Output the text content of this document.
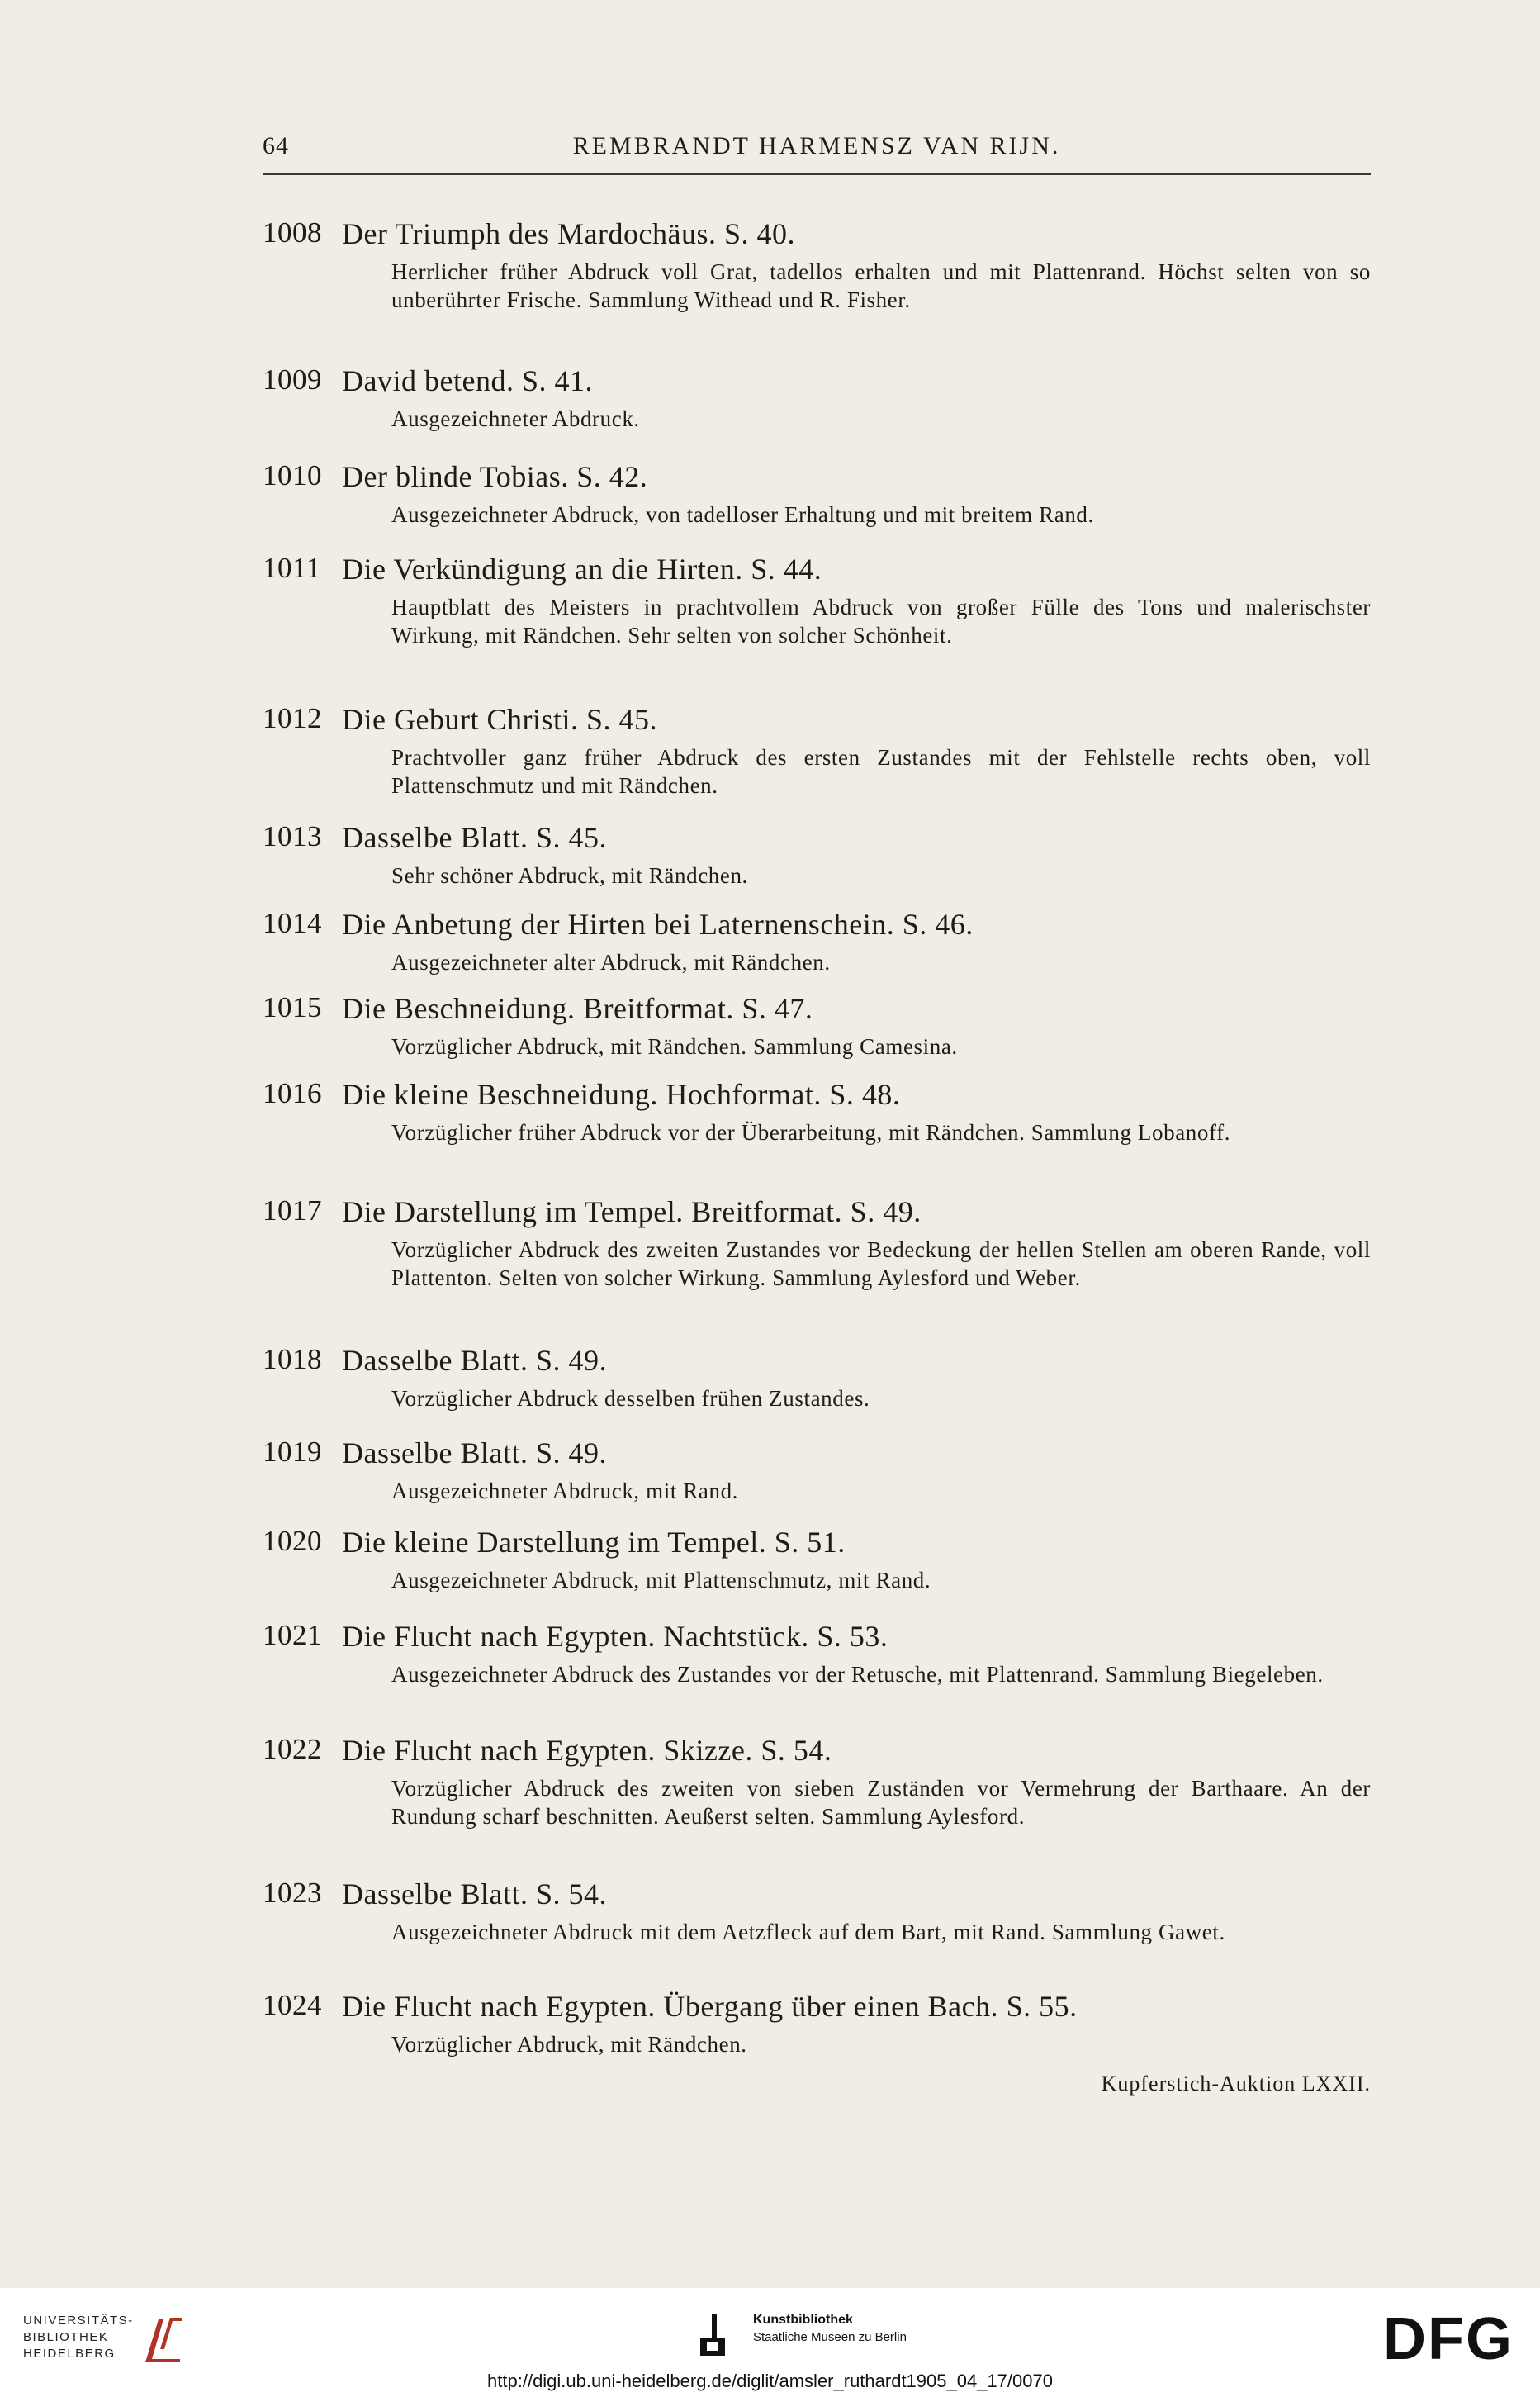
64	REMBRANDT HARMENSZ VAN RIJN.
1008 Der Triumph des Mardochäus. S. 40.
Herrlicher früher Abdruck voll Grat, tadellos erhalten und mit Plattenrand. Höchst selten von so unberührter Frische. Sammlung Withead und R. Fisher.
1009 David betend. S. 41.
Ausgezeichneter Abdruck.
1010 Der blinde Tobias. S. 42.
Ausgezeichneter Abdruck, von tadelloser Erhaltung und mit breitem Rand.
1011 Die Verkündigung an die Hirten. S. 44.
Hauptblatt des Meisters in prachtvollem Abdruck von großer Fülle des Tons und malerischster Wirkung, mit Rändchen. Sehr selten von solcher Schönheit.
1012 Die Geburt Christi. S. 45.
Prachtvoller ganz früher Abdruck des ersten Zustandes mit der Fehlstelle rechts oben, voll Plattenschmutz und mit Rändchen.
1013 Dasselbe Blatt. S. 45.
Sehr schöner Abdruck, mit Rändchen.
1014 Die Anbetung der Hirten bei Laternenschein. S. 46.
Ausgezeichneter alter Abdruck, mit Rändchen.
1015 Die Beschneidung. Breitformat. S. 47.
Vorzüglicher Abdruck, mit Rändchen. Sammlung Camesina.
1016 Die kleine Beschneidung. Hochformat. S. 48.
Vorzüglicher früher Abdruck vor der Überarbeitung, mit Rändchen. Sammlung Lobanoff.
1017 Die Darstellung im Tempel. Breitformat. S. 49.
Vorzüglicher Abdruck des zweiten Zustandes vor Bedeckung der hellen Stellen am oberen Rande, voll Plattenton. Selten von solcher Wirkung. Sammlung Aylesford und Weber.
1018 Dasselbe Blatt. S. 49.
Vorzüglicher Abdruck desselben frühen Zustandes.
1019 Dasselbe Blatt. S. 49.
Ausgezeichneter Abdruck, mit Rand.
1020 Die kleine Darstellung im Tempel. S. 51.
Ausgezeichneter Abdruck, mit Plattenschmutz, mit Rand.
1021 Die Flucht nach Egypten. Nachtstück. S. 53.
Ausgezeichneter Abdruck des Zustandes vor der Retusche, mit Plattenrand. Sammlung Biegeleben.
1022 Die Flucht nach Egypten. Skizze. S. 54.
Vorzüglicher Abdruck des zweiten von sieben Zuständen vor Vermehrung der Barthaare. An der Rundung scharf beschnitten. Aeußerst selten. Sammlung Aylesford.
1023 Dasselbe Blatt. S. 54.
Ausgezeichneter Abdruck mit dem Aetzfleck auf dem Bart, mit Rand. Sammlung Gawet.
1024 Die Flucht nach Egypten. Übergang über einen Bach. S. 55.
Vorzüglicher Abdruck, mit Rändchen.
Kupferstich-Auktion LXXII.
UNIVERSITÄTS-
BIBLIOTHEK
HEIDELBERG
Kunstbibliothek
Staatliche Museen zu Berlin	DFG
http://digi.ub.uni-heidelberg.de/diglit/amsler_ruthardt1905_04_17/0070
